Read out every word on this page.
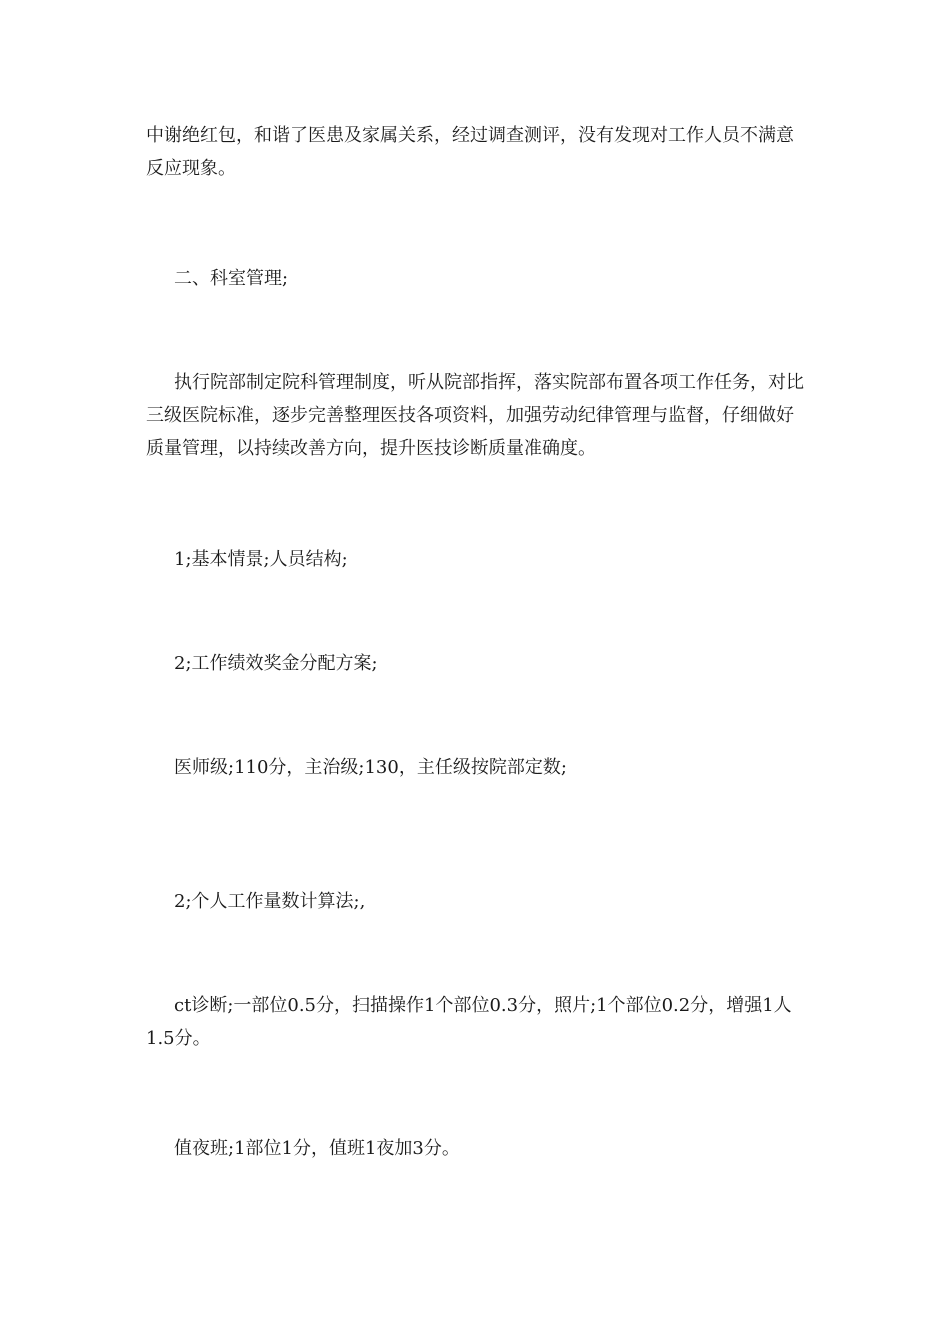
中谢绝红包，和谐了医患及家属关系，经过调查测评，没有发现对工作人员不满意反应现象。

二、科室管理;

执行院部制定院科管理制度，听从院部指挥，落实院部布置各项工作任务，对比三级医院标准，逐步完善整理医技各项资料，加强劳动纪律管理与监督，仔细做好质量管理，以持续改善方向，提升医技诊断质量准确度。

1;基本情景;人员结构;

2;工作绩效奖金分配方案;

医师级;110分，主治级;130，主任级按院部定数;

2;个人工作量数计算法;,

ct诊断;一部位0.5分，扫描操作1个部位0.3分，照片;1个部位0.2分，增强1人1.5分。

值夜班;1部位1分，值班1夜加3分。
